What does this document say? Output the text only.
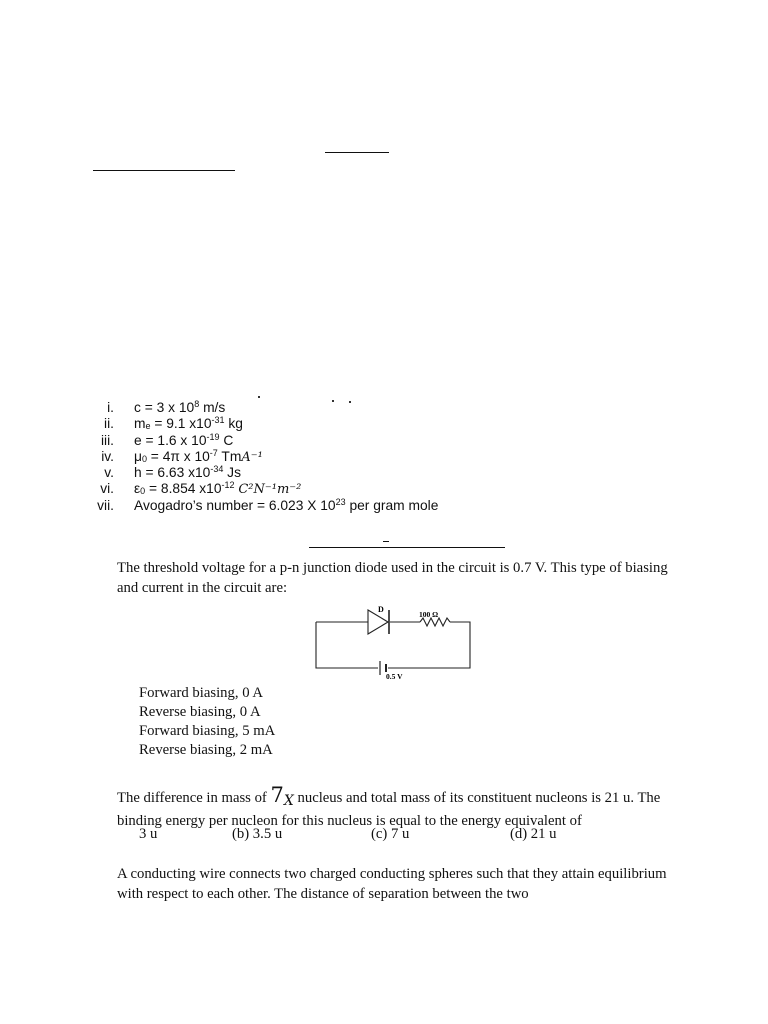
i.	c = 3 x $10^8$ m/s
ii.	$m_e = 9.1$ $x10^{-31}$ kg
iii.	e = 1.6 x $10^{-19}$ C
iv.	$\mu_0 = 4\pi$ x $10^{-7}$ TmA⁻¹
v.	h = 6.63 $x10^{-34}$ Js
vi.	$\varepsilon_0 = 8.854$ $x10^{-12}$ C²N⁻¹m⁻²
vii.	Avogadro’s number = 6.023 X $10^{23}$ per gram mole
The threshold voltage for a p-n junction diode used in the circuit is 0.7 V. This type of biasing and current in the circuit are:
D
100 Ω
0.5 V
Forward biasing, 0 A
Reverse biasing, 0 A
Forward biasing, 5 mA
Reverse biasing, 2 mA
The difference in mass of 7X nucleus and total mass of its constituent nucleons is 21 u. The binding energy per nucleon for this nucleus is equal to the energy equivalent of
3 u	(b) 3.5 u	(c) 7 u	(d) 21 u
A conducting wire connects two charged conducting spheres such that they attain equilibrium with respect to each other. The distance of separation between the two
